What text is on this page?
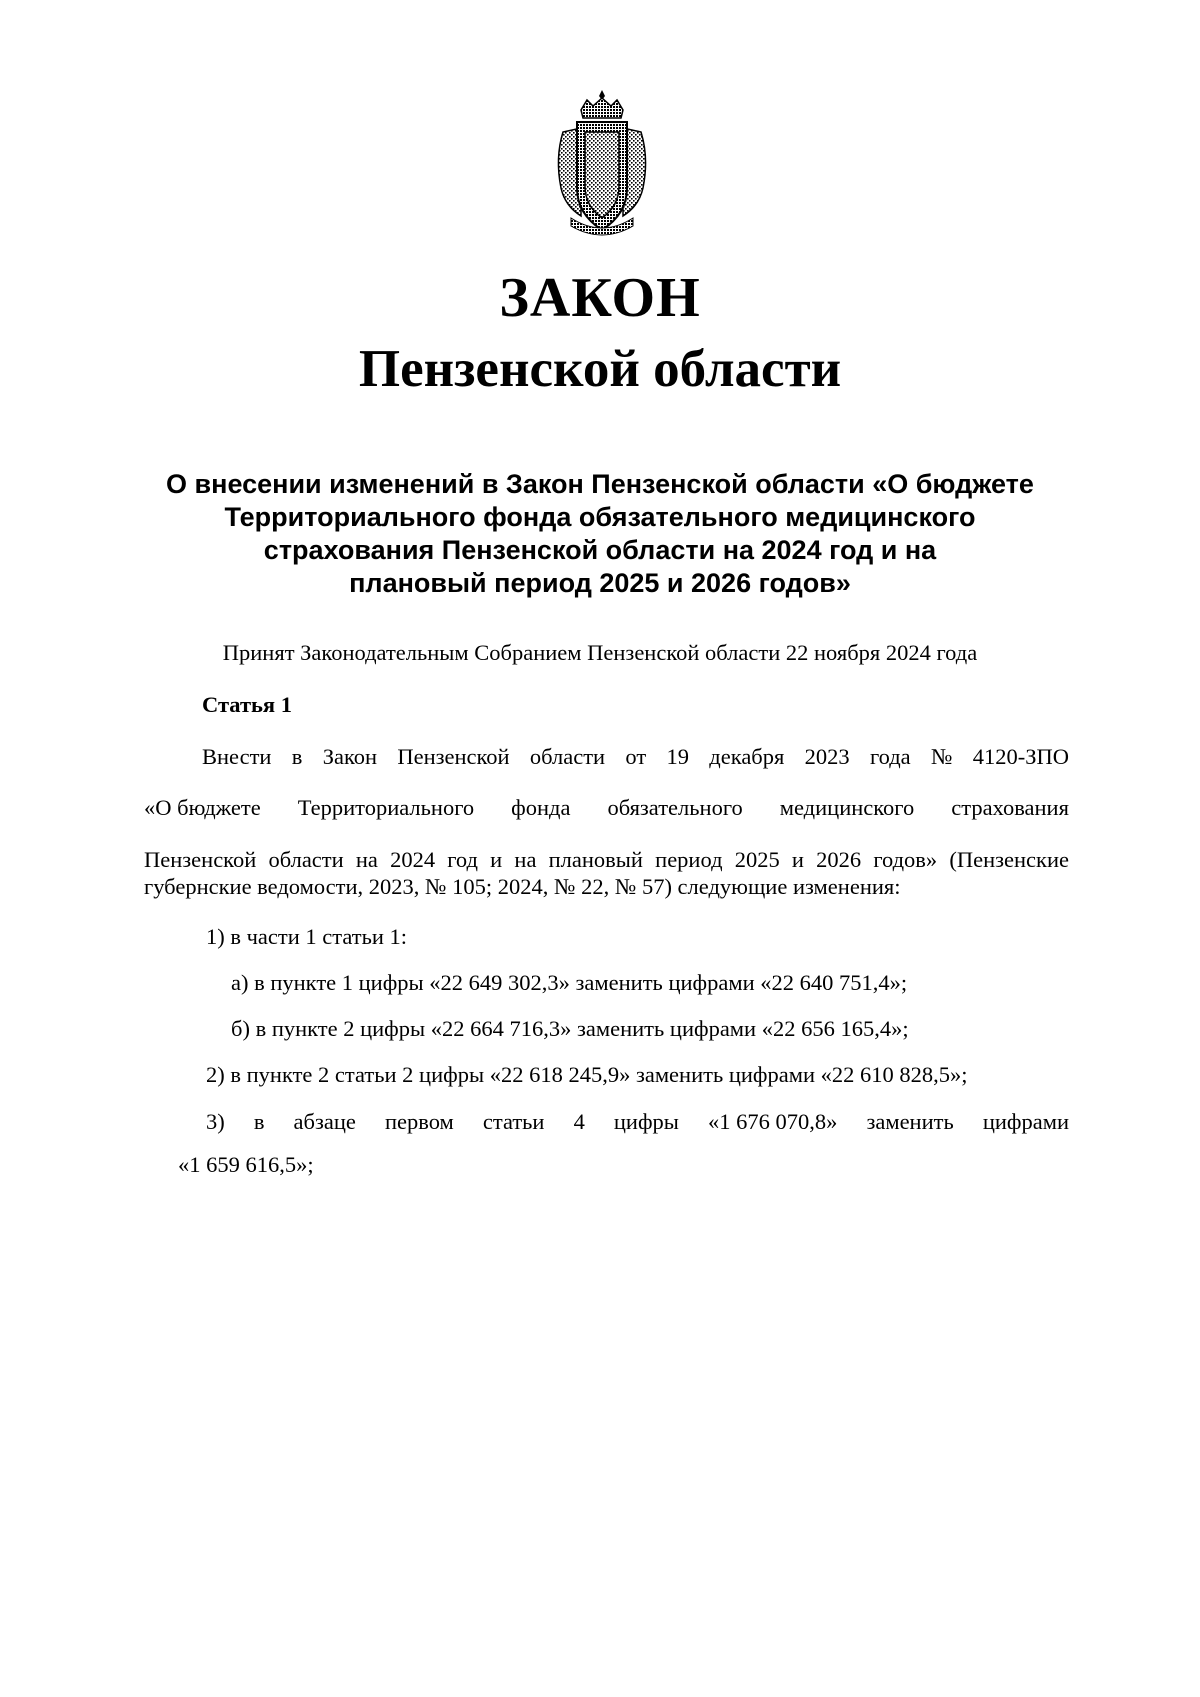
ЗАКОН
Пензенской области
О внесении изменений в Закон Пензенской области «О бюджете
Территориального фонда обязательного медицинского
страхования Пензенской области на 2024 год и на
плановый период 2025 и 2026 годов»
Принят Законодательным Собранием Пензенской области 22 ноября 2024 года
Статья 1
Внести в Закон Пензенской области от 19 декабря 2023 года № 4120-ЗПО
«О бюджете Территориального фонда обязательного медицинского страхования
Пензенской области на 2024 год и на плановый период 2025 и 2026 годов» (Пензенские
губернские ведомости, 2023, № 105; 2024, № 22, № 57) следующие изменения:
1) в части 1 статьи 1:
а) в пункте 1 цифры «22 649 302,3» заменить цифрами «22 640 751,4»;
б) в пункте 2 цифры «22 664 716,3» заменить цифрами «22 656 165,4»;
2) в пункте 2 статьи 2 цифры «22 618 245,9» заменить цифрами «22 610 828,5»;
3) в абзаце первом статьи 4 цифры «1 676 070,8» заменить цифрами
«1 659 616,5»;
